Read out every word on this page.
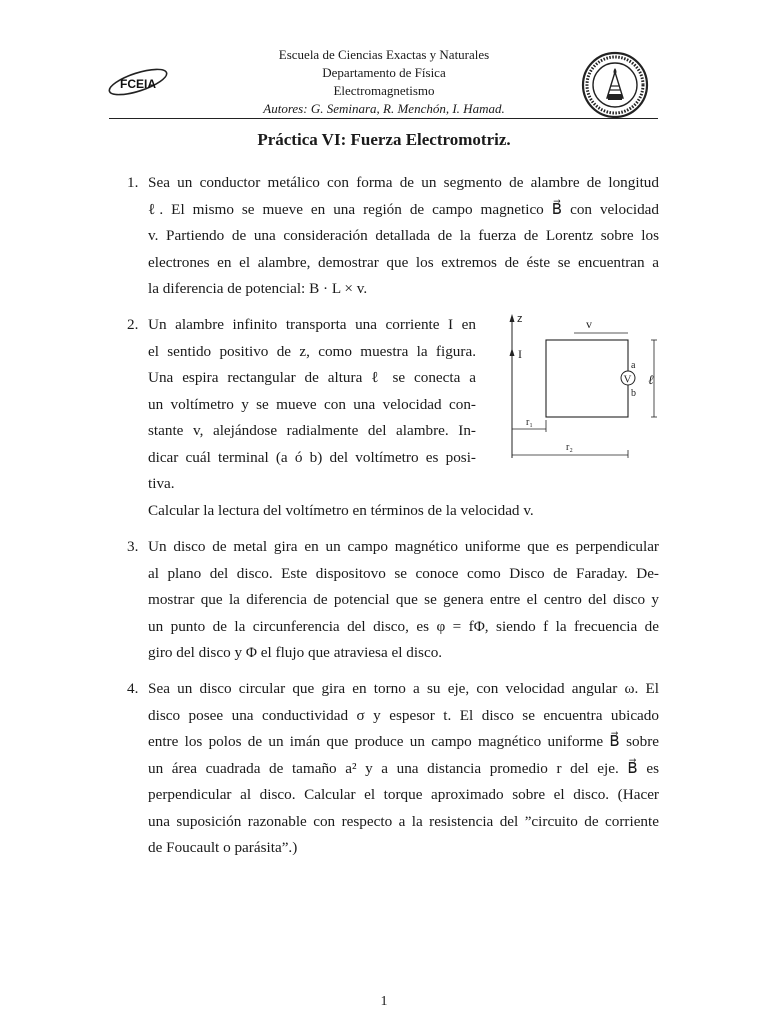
Escuela de Ciencias Exactas y Naturales
Departamento de Física
Electromagnetismo
Autores: G. Seminara, R. Menchón, I. Hamad.
FCEIA
Práctica VI: Fuerza Electromotriz.
1. Sea un conductor metálico con forma de un segmento de alambre de longitud
ℓ. El mismo se mueve en una región de campo magnetico B⃗ con velocidad
v. Partiendo de una consideración detallada de la fuerza de Lorentz sobre los
electrones en el alambre, demostrar que los extremos de éste se encuentran a
la diferencia de potencial: B · L × v.
2. Un alambre infinito transporta una corriente I en
el sentido positivo de z, como muestra la figura.
Una espira rectangular de altura ℓ se conecta a
un voltímetro y se mueve con una velocidad con-
stante v, alejándose radialmente del alambre. In-
dicar cuál terminal (a ó b) del voltímetro es posi-
tiva.
Calcular la lectura del voltímetro en términos de la velocidad v.
z
I
v
V
a
b
ℓ
r₁
r₂
3. Un disco de metal gira en un campo magnético uniforme que es perpendicular
al plano del disco. Este dispositovo se conoce como Disco de Faraday. De-
mostrar que la diferencia de potencial que se genera entre el centro del disco y
un punto de la circunferencia del disco, es φ = fΦ, siendo f la frecuencia de
giro del disco y Φ el flujo que atraviesa el disco.
4. Sea un disco circular que gira en torno a su eje, con velocidad angular ω. El
disco posee una conductividad σ y espesor t. El disco se encuentra ubicado
entre los polos de un imán que produce un campo magnético uniforme B⃗ sobre
un área cuadrada de tamaño a² y a una distancia promedio r del eje. B⃗ es
perpendicular al disco. Calcular el torque aproximado sobre el disco. (Hacer
una suposición razonable con respecto a la resistencia del ”circuito de corriente
de Foucault o parásita”.)
1
